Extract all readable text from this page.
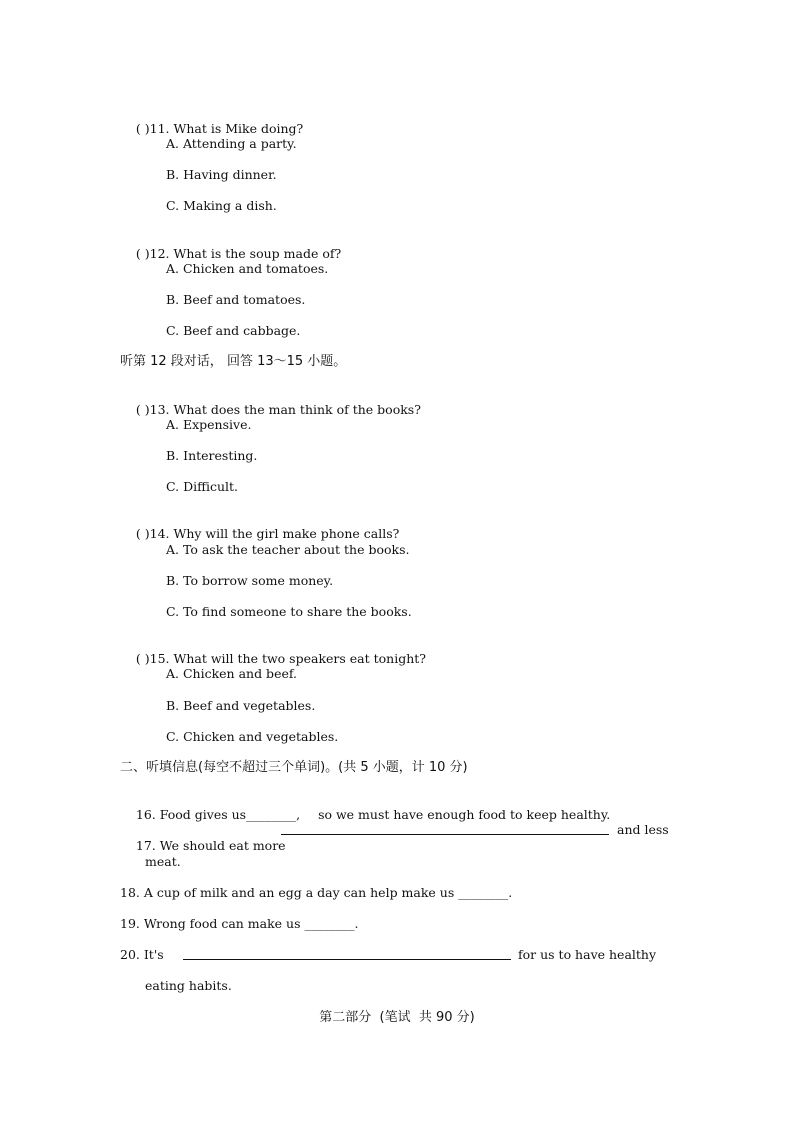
( )11. What is Mike doing?

A. Attending a party.
B. Having dinner.
C. Making a dish.

( )12. What is the soup made of?

A. Chicken and tomatoes.
B. Beef and tomatoes.
C. Beef and cabbage.
听第 12 段对话， 回答 13～15 小题。

( )13. What does the man think of the books?

A. Expensive.
B. Interesting.
C. Difficult.

( )14. Why will the girl make phone calls?

A. To ask the teacher about the books.
B. To borrow some money.
C. To find someone to share the books.

( )15. What will the two speakers eat tonight?

A. Chicken and beef.
B. Beef and vegetables.
C. Chicken and vegetables.
二、听填信息(每空不超过三个单词)。(共 5 小题，计 10 分)

16. Food gives us________, so we must have enough food to keep healthy.

17. We should eat more

and less
meat.
18. A cup of milk and an egg a day can help make us ________.
19. Wrong food can make us ________.
20. It's	for us to have healthy
eating habits.
第二部分  (笔试  共 90 分)
